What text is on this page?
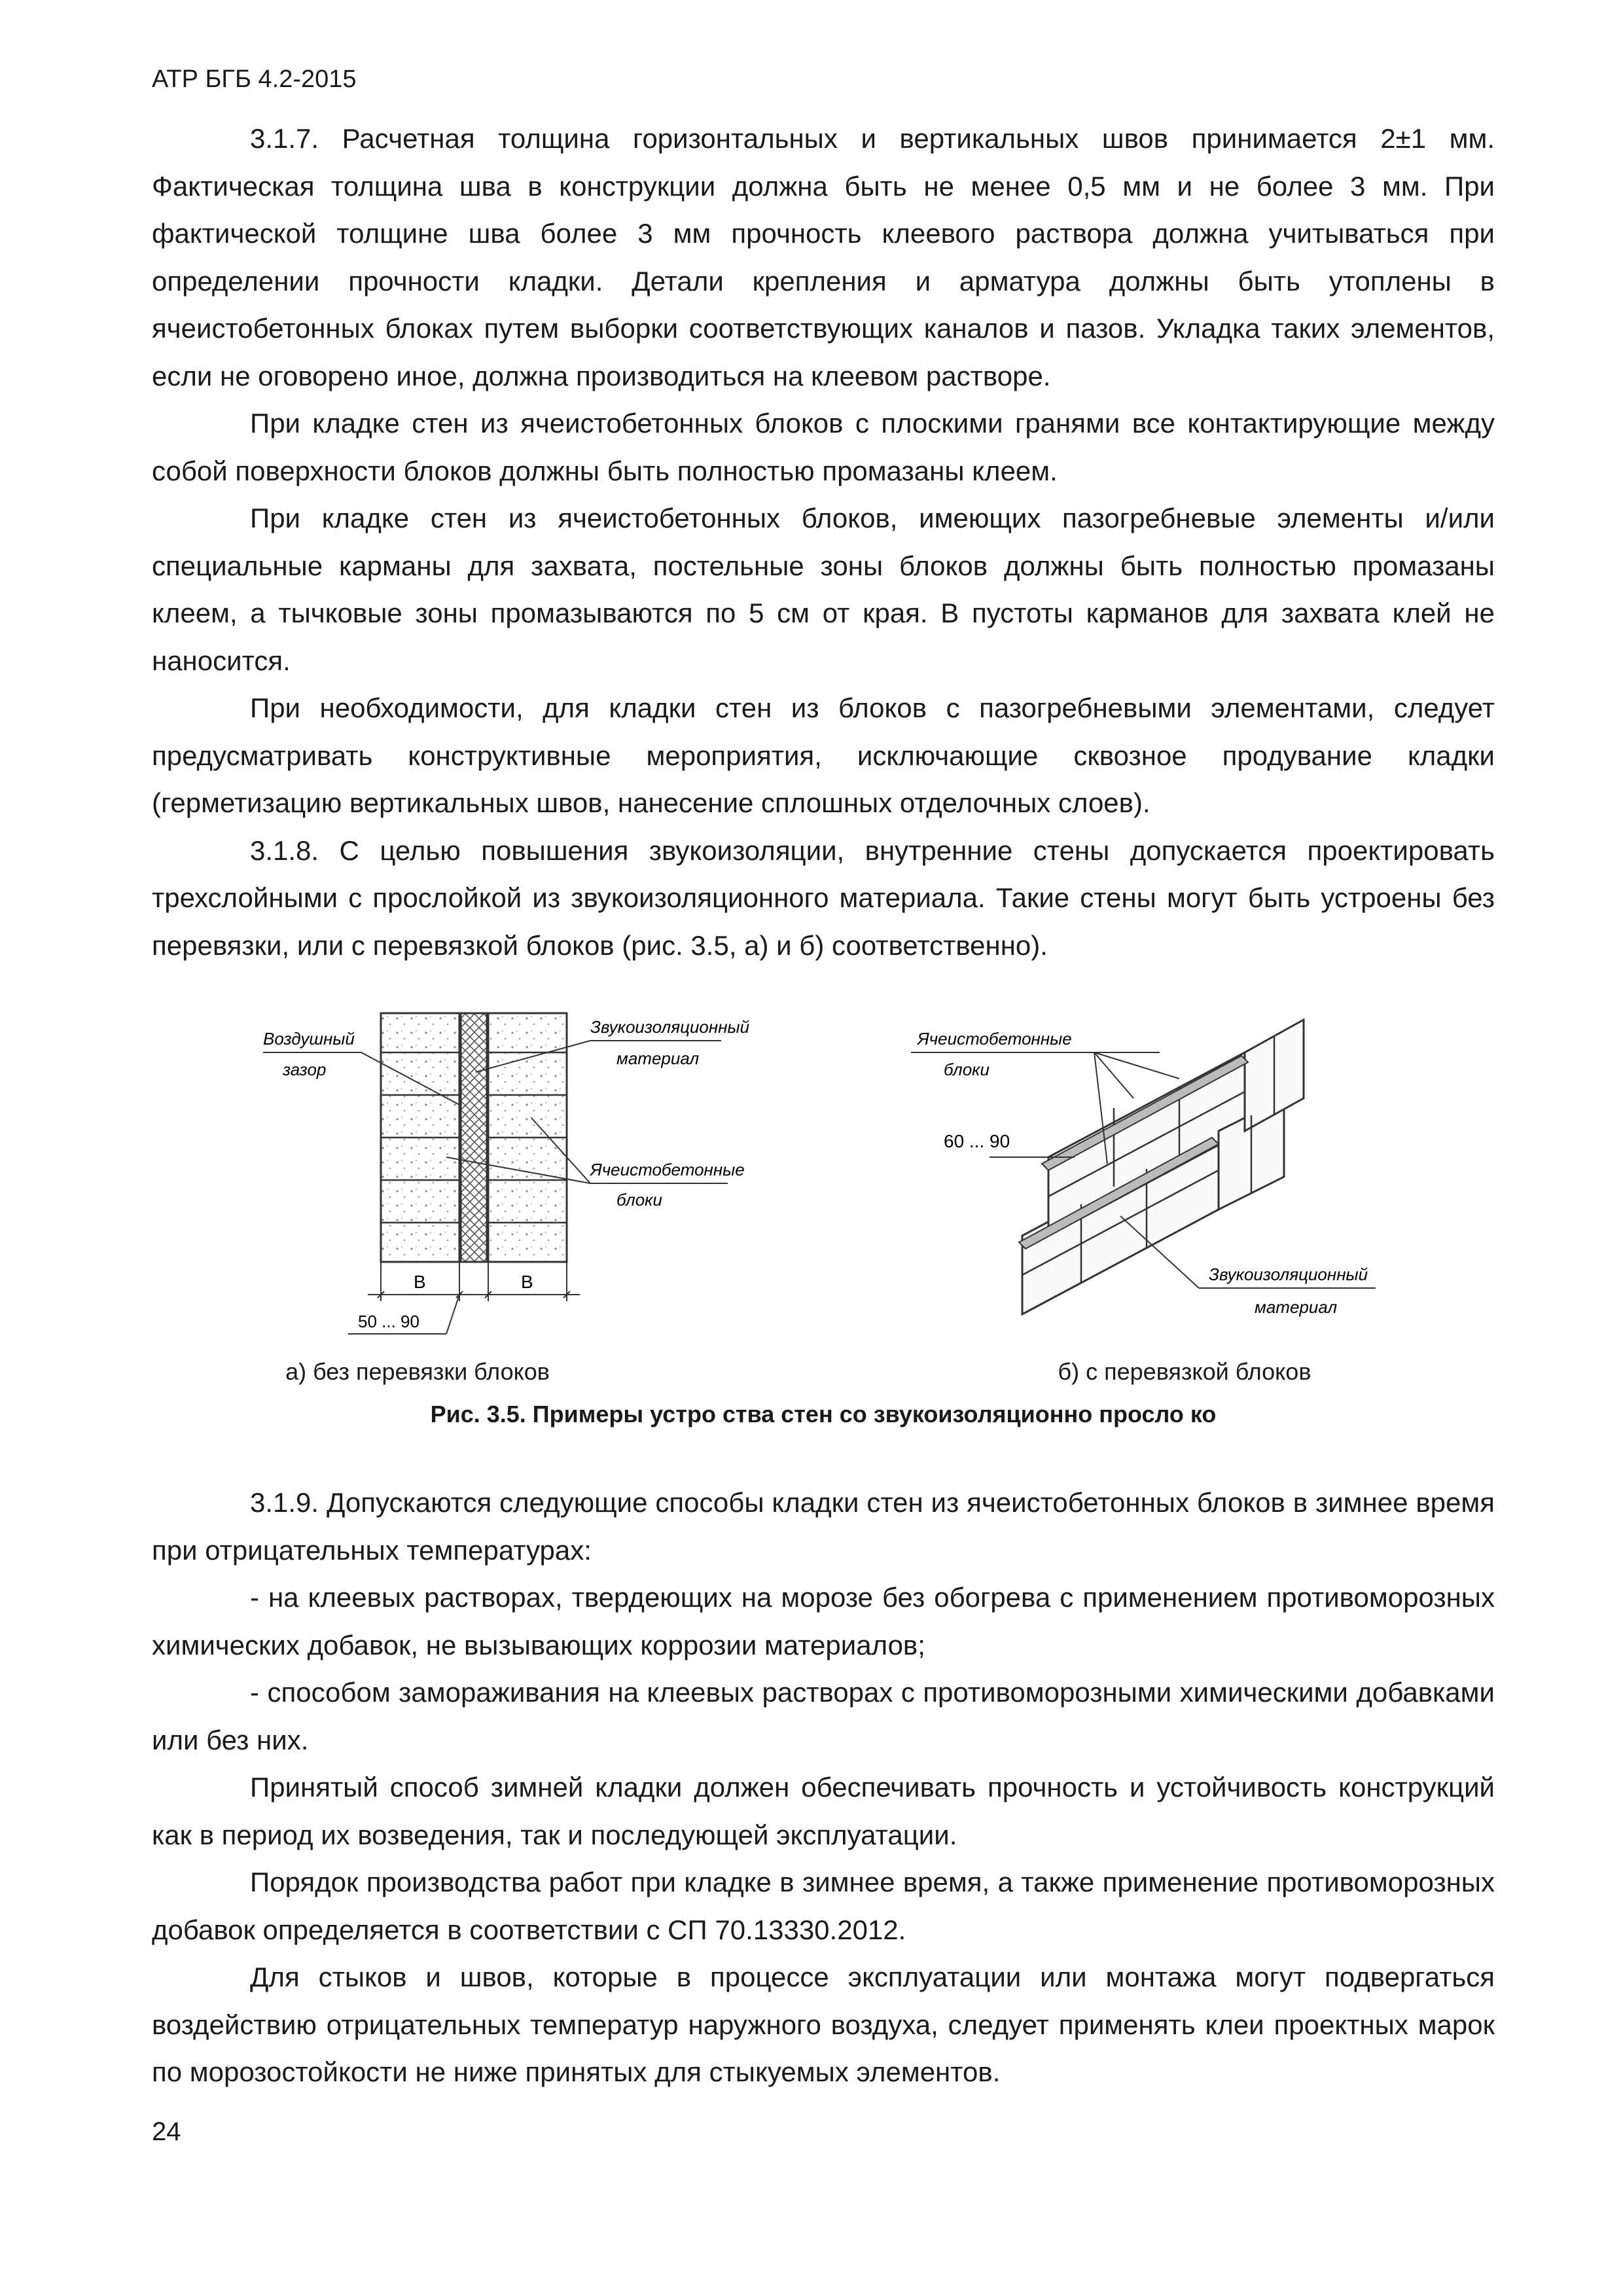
АТР БГБ 4.2-2015

3.1.7. Расчетная толщина горизонтальных и вертикальных швов принимается 2±1 мм. Фактическая толщина шва в конструкции должна быть не менее 0,5 мм и не более 3 мм. При фактической толщине шва более 3 мм прочность клеевого раствора должна учитываться при определении прочности кладки. Детали крепления и арматура должны быть утоплены в ячеистобетонных блоках путем выборки соответствующих каналов и пазов. Укладка таких элементов, если не оговорено иное, должна производиться на клеевом растворе.

При кладке стен из ячеистобетонных блоков с плоскими гранями все контактирующие между собой поверхности блоков должны быть полностью промазаны клеем.

При кладке стен из ячеистобетонных блоков, имеющих пазогребневые элементы и/или специальные карманы для захвата, постельные зоны блоков должны быть полностью промазаны клеем, а тычковые зоны промазываются по 5 см от края. В пустоты карманов для захвата клей не наносится.

При необходимости, для кладки стен из блоков с пазогребневыми элементами, следует предусматривать конструктивные мероприятия, исключающие сквозное продувание кладки (герметизацию вертикальных швов, нанесение сплошных отделочных слоев).

3.1.8. С целью повышения звукоизоляции, внутренние стены допускается проектировать трехслойными с прослойкой из звукоизоляционного материала. Такие стены могут быть устроены без перевязки, или с перевязкой блоков (рис. 3.5, а) и б) соответственно).

Воздушный
зазор
Звукоизоляционный
материал
Ячеистобетонные
блоки
B	B
50 ... 90
Ячеистобетонные
блоки
60 ... 90
Звукоизоляционный
материал
а) без перевязки блоков	б) с перевязкой блоков
Рис. 3.5. Примеры устро ства стен со звукоизоляционно просло ко

3.1.9. Допускаются следующие способы кладки стен из ячеистобетонных блоков в зимнее время при отрицательных температурах:

- на клеевых растворах, твердеющих на морозе без обогрева с применением противоморозных химических добавок, не вызывающих коррозии материалов;

- способом замораживания на клеевых растворах с противоморозными химическими добавками или без них.

Принятый способ зимней кладки должен обеспечивать прочность и устойчивость конструкций как в период их возведения, так и последующей эксплуатации.

Порядок производства работ при кладке в зимнее время, а также применение противоморозных добавок определяется в соответствии с СП 70.13330.2012.

Для стыков и швов, которые в процессе эксплуатации или монтажа могут подвергаться воздействию отрицательных температур наружного воздуха, следует применять клеи проектных марок по морозостойкости не ниже принятых для стыкуемых элементов.

24
